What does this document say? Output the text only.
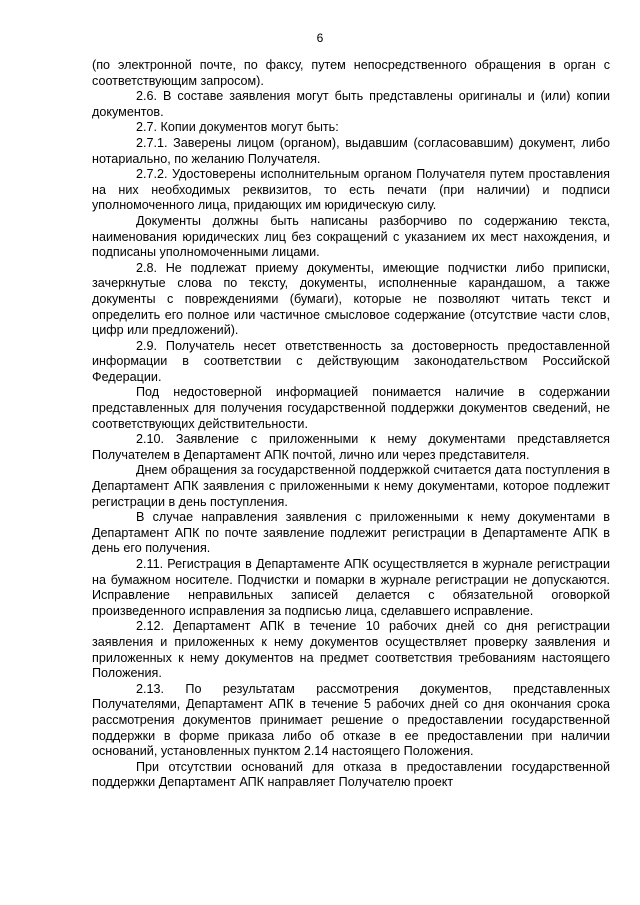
6

(по электронной почте, по факсу, путем непосредственного обращения в орган с соответствующим запросом).

2.6. В составе заявления могут быть представлены оригиналы и (или) копии документов.

2.7. Копии документов могут быть:

2.7.1. Заверены лицом (органом), выдавшим (согласовавшим) документ, либо нотариально, по желанию Получателя.

2.7.2. Удостоверены исполнительным органом Получателя путем проставления на них необходимых реквизитов, то есть печати (при наличии) и подписи уполномоченного лица, придающих им юридическую силу.

Документы должны быть написаны разборчиво по содержанию текста, наименования юридических лиц без сокращений с указанием их мест нахождения, и подписаны уполномоченными лицами.

2.8. Не подлежат приему документы, имеющие подчистки либо приписки, зачеркнутые слова по тексту, документы, исполненные карандашом, а также документы с повреждениями (бумаги), которые не позволяют читать текст и определить его полное или частичное смысловое содержание (отсутствие части слов, цифр или предложений).

2.9. Получатель несет ответственность за достоверность предоставленной информации в соответствии с действующим законодательством Российской Федерации.

Под недостоверной информацией понимается наличие в содержании представленных для получения государственной поддержки документов сведений, не соответствующих действительности.

2.10. Заявление с приложенными к нему документами представляется Получателем в Департамент АПК почтой, лично или через представителя.

Днем обращения за государственной поддержкой считается дата поступления в Департамент АПК заявления с приложенными к нему документами, которое подлежит регистрации в день поступления.

В случае направления заявления с приложенными к нему документами в Департамент АПК по почте заявление подлежит регистрации в Департаменте АПК в день его получения.

2.11. Регистрация в Департаменте АПК осуществляется в журнале регистрации на бумажном носителе. Подчистки и помарки в журнале регистрации не допускаются. Исправление неправильных записей делается с обязательной оговоркой произведенного исправления за подписью лица, сделавшего исправление.

2.12. Департамент АПК в течение 10 рабочих дней со дня регистрации заявления и приложенных к нему документов осуществляет проверку заявления и приложенных к нему документов на предмет соответствия требованиям настоящего Положения.

2.13. По результатам рассмотрения документов, представленных Получателями, Департамент АПК в течение 5 рабочих дней со дня окончания срока рассмотрения документов принимает решение о предоставлении государственной поддержки в форме приказа либо об отказе в ее предоставлении при наличии оснований, установленных пунктом 2.14 настоящего Положения.

При отсутствии оснований для отказа в предоставлении государственной поддержки Департамент АПК направляет Получателю проект
